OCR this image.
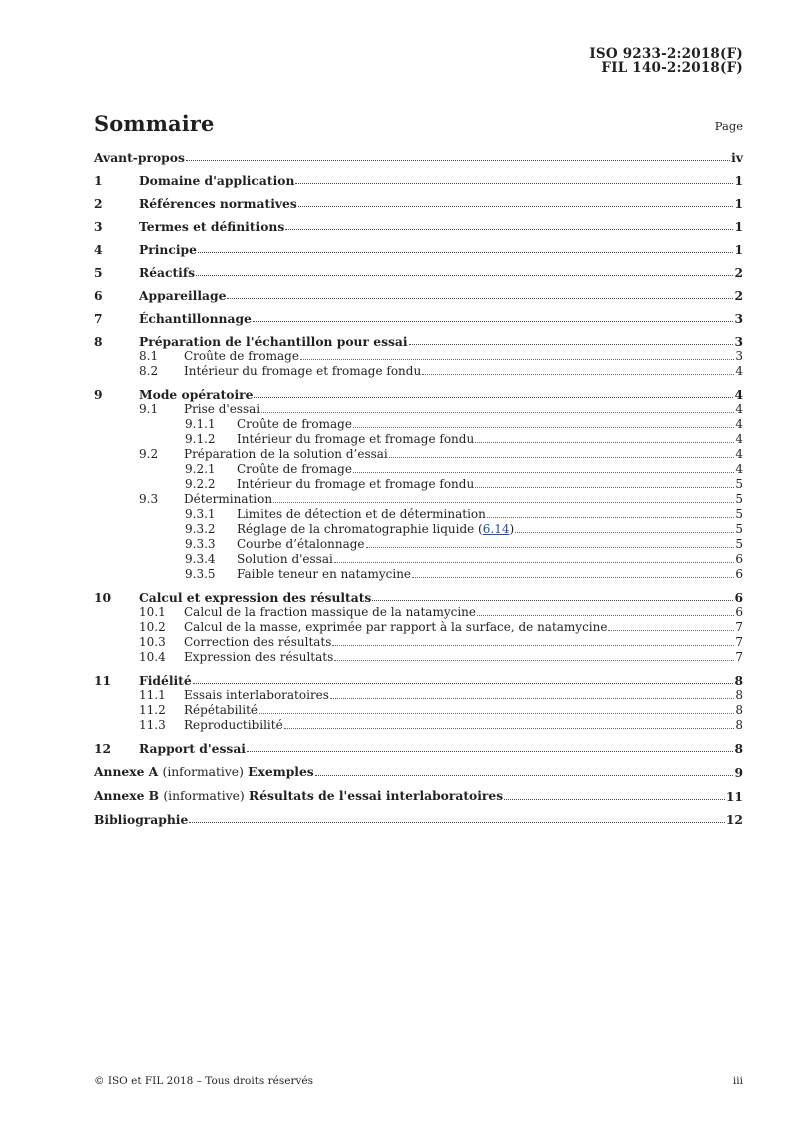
ISO 9233-2:2018(F)
FIL 140-2:2018(F)
Sommaire	Page
Avant-propos	iv
1	Domaine d'application	1
2	Références normatives	1
3	Termes et définitions	1
4	Principe	1
5	Réactifs	2
6	Appareillage	2
7	Échantillonnage	3
8	Préparation de l'échantillon pour essai	3
8.1 Croûte de fromage	3
8.2 Intérieur du fromage et fromage fondu	4
9	Mode opératoire	4
9.1 Prise d'essai	4
9.1.1 Croûte de fromage	4
9.1.2 Intérieur du fromage et fromage fondu	4
9.2 Préparation de la solution d’essai	4
9.2.1 Croûte de fromage	4
9.2.2 Intérieur du fromage et fromage fondu	5
9.3 Détermination	5
9.3.1 Limites de détection et de détermination	5
9.3.2 Réglage de la chromatographie liquide (6.14)	5
9.3.3 Courbe d’étalonnage	5
9.3.4 Solution d'essai	6
9.3.5 Faible teneur en natamycine	6
10 Calcul et expression des résultats	6
10.1 Calcul de la fraction massique de la natamycine	6
10.2 Calcul de la masse, exprimée par rapport à la surface, de natamycine	7
10.3 Correction des résultats	7
10.4 Expression des résultats	7
11 Fidélité	8
11.1 Essais interlaboratoires	8
11.2 Répétabilité	8
11.3 Reproductibilité	8
12 Rapport d'essai	8
Annexe A (informative) Exemples	9
Annexe B (informative) Résultats de l'essai interlaboratoires	11
Bibliographie	12
© ISO et FIL 2018 – Tous droits réservés	iii
